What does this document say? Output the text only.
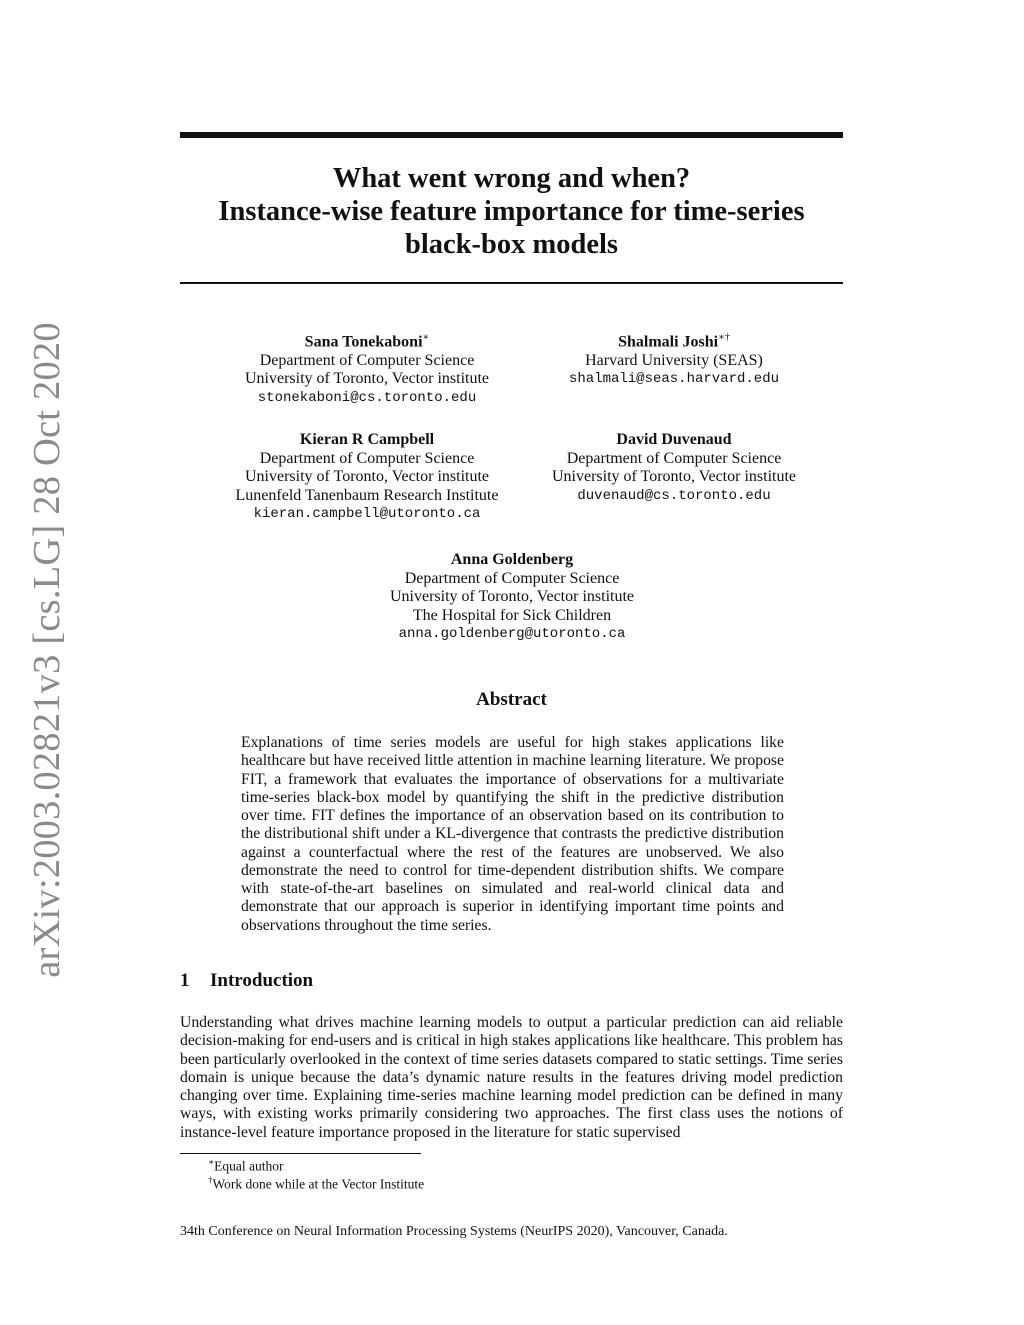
arXiv:2003.02821v3 [cs.LG] 28 Oct 2020
What went wrong and when?
Instance-wise feature importance for time-series
black-box models
Sana Tonekaboni∗
Department of Computer Science
University of Toronto, Vector institute
stonekaboni@cs.toronto.edu
Shalmali Joshi∗†
Harvard University (SEAS)
shalmali@seas.harvard.edu
Kieran R Campbell
Department of Computer Science
University of Toronto, Vector institute
Lunenfeld Tanenbaum Research Institute
kieran.campbell@utoronto.ca
David Duvenaud
Department of Computer Science
University of Toronto, Vector institute
duvenaud@cs.toronto.edu
Anna Goldenberg
Department of Computer Science
University of Toronto, Vector institute
The Hospital for Sick Children
anna.goldenberg@utoronto.ca
Abstract
Explanations of time series models are useful for high stakes applications like healthcare but have received little attention in machine learning literature. We propose FIT, a framework that evaluates the importance of observations for a multivariate time-series black-box model by quantifying the shift in the predictive distribution over time. FIT defines the importance of an observation based on its contribution to the distributional shift under a KL-divergence that contrasts the predictive distribution against a counterfactual where the rest of the features are unobserved. We also demonstrate the need to control for time-dependent distribution shifts. We compare with state-of-the-art baselines on simulated and real-world clinical data and demonstrate that our approach is superior in identifying important time points and observations throughout the time series.
1 Introduction
Understanding what drives machine learning models to output a particular prediction can aid reliable decision-making for end-users and is critical in high stakes applications like healthcare. This problem has been particularly overlooked in the context of time series datasets compared to static settings. Time series domain is unique because the data’s dynamic nature results in the features driving model prediction changing over time. Explaining time-series machine learning model prediction can be defined in many ways, with existing works primarily considering two approaches. The first class uses the notions of instance-level feature importance proposed in the literature for static supervised
∗Equal author
†Work done while at the Vector Institute
34th Conference on Neural Information Processing Systems (NeurIPS 2020), Vancouver, Canada.
